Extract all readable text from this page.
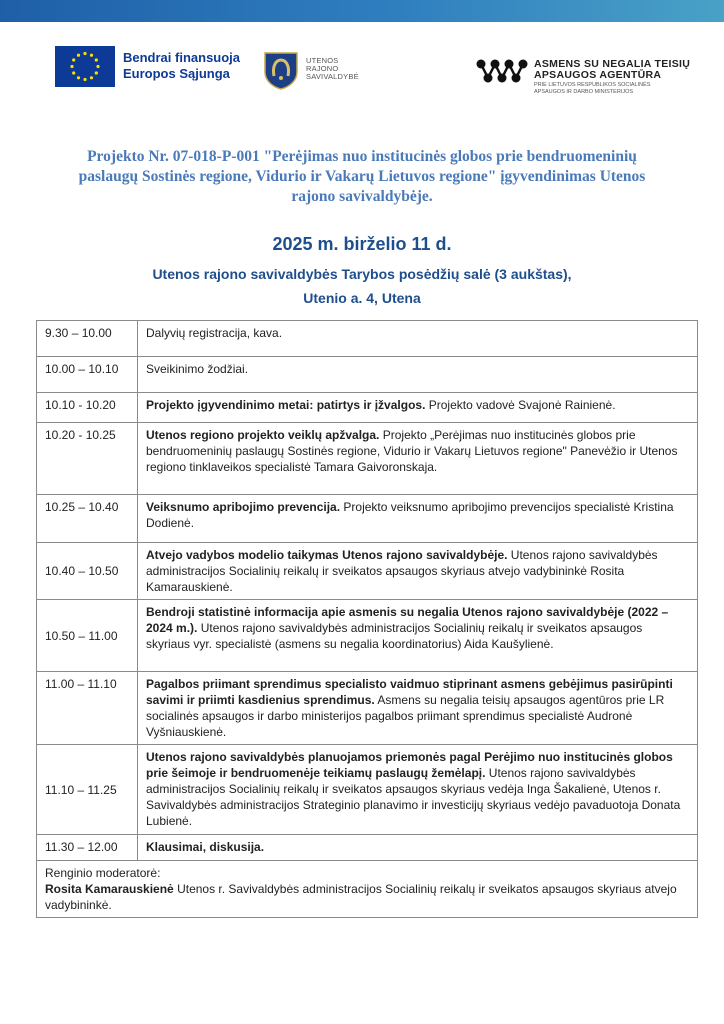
Bendrai finansuoja Europos Sąjunga
UTENOS
RAJONO
SAVIVALDYBĖ
ASMENS SU NEGALIA TEISIŲ
APSAUGOS AGENTŪRA
PRIE LIETUVOS RESPUBLIKOS SOCIALINĖS
APSAUGOS IR DARBO MINISTERIJOS
Projekto Nr. 07-018-P-001 "Perėjimas nuo institucinės globos prie bendruomeninių paslaugų Sostinės regione, Vidurio ir Vakarų Lietuvos regione" įgyvendinimas Utenos rajono savivaldybėje.
2025 m. birželio 11 d.
Utenos rajono savivaldybės Tarybos posėdžių salė (3 aukštas),
Utenio a. 4, Utena
9.30 – 10.00	Dalyvių registracija, kava.
10.00 – 10.10	Sveikinimo žodžiai.
10.10 - 10.20	Projekto įgyvendinimo metai: patirtys ir įžvalgos. Projekto vadovė Svajonė Rainienė.
10.20 - 10.25	Utenos regiono projekto veiklų apžvalga. Projekto „Perėjimas nuo institucinės globos prie bendruomeninių paslaugų Sostinės regione, Vidurio ir Vakarų Lietuvos regione" Panevėžio ir Utenos regiono tinklaveikos specialistė Tamara Gaivoronskaja.
10.25 – 10.40	Veiksnumo apribojimo prevencija. Projekto veiksnumo apribojimo prevencijos specialistė Kristina Dodienė.
10.40 – 10.50	Atvejo vadybos modelio taikymas Utenos rajono savivaldybėje. Utenos rajono savivaldybės administracijos Socialinių reikalų ir sveikatos apsaugos skyriaus atvejo vadybininkė Rosita Kamarauskienė.
10.50 – 11.00	Bendroji statistinė informacija apie asmenis su negalia Utenos rajono savivaldybėje (2022 – 2024 m.). Utenos rajono savivaldybės administracijos Socialinių reikalų ir sveikatos apsaugos skyriaus vyr. specialistė (asmens su negalia koordinatorius) Aida Kaušylienė.
11.00 – 11.10	Pagalbos priimant sprendimus specialisto vaidmuo stiprinant asmens gebėjimus pasirūpinti savimi ir priimti kasdienius sprendimus. Asmens su negalia teisių apsaugos agentūros prie LR socialinės apsaugos ir darbo ministerijos pagalbos priimant sprendimus specialistė Audronė Vyšniauskienė.
11.10 – 11.25	Utenos rajono savivaldybės planuojamos priemonės pagal Perėjimo nuo institucinės globos prie šeimoje ir bendruomenėje teikiamų paslaugų žemėlapį. Utenos rajono savivaldybės administracijos Socialinių reikalų ir sveikatos apsaugos skyriaus vedėja Inga Šakalienė, Utenos r. Savivaldybės administracijos Strateginio planavimo ir investicijų skyriaus vedėjo pavaduotoja Donata Lubienė.
11.30 – 12.00	Klausimai, diskusija.

Renginio moderatorė:
Rosita Kamarauskienė Utenos r. Savivaldybės administracijos Socialinių reikalų ir sveikatos apsaugos skyriaus atvejo vadybininkė.	
